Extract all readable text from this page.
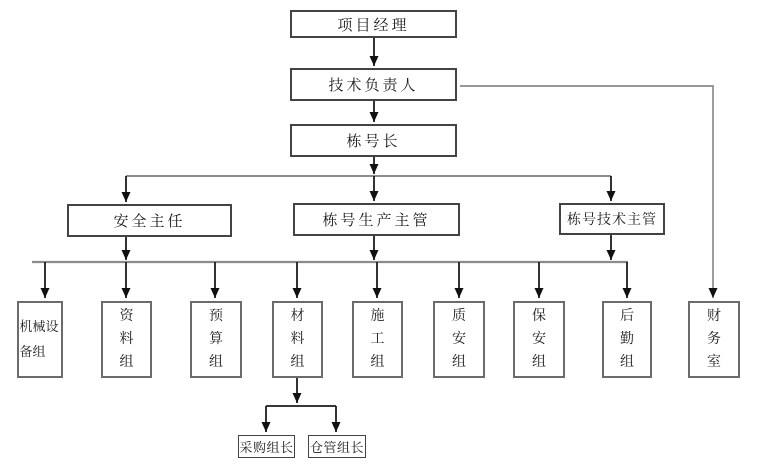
项目经理
技术负责人
栋号长
安全主任	栋号生产主管	栋号技术主管
机械设备组
资料组
预算组
材料组
施工组
质安组
保安组
后勤组
财务室
采购组长 仓管组长
